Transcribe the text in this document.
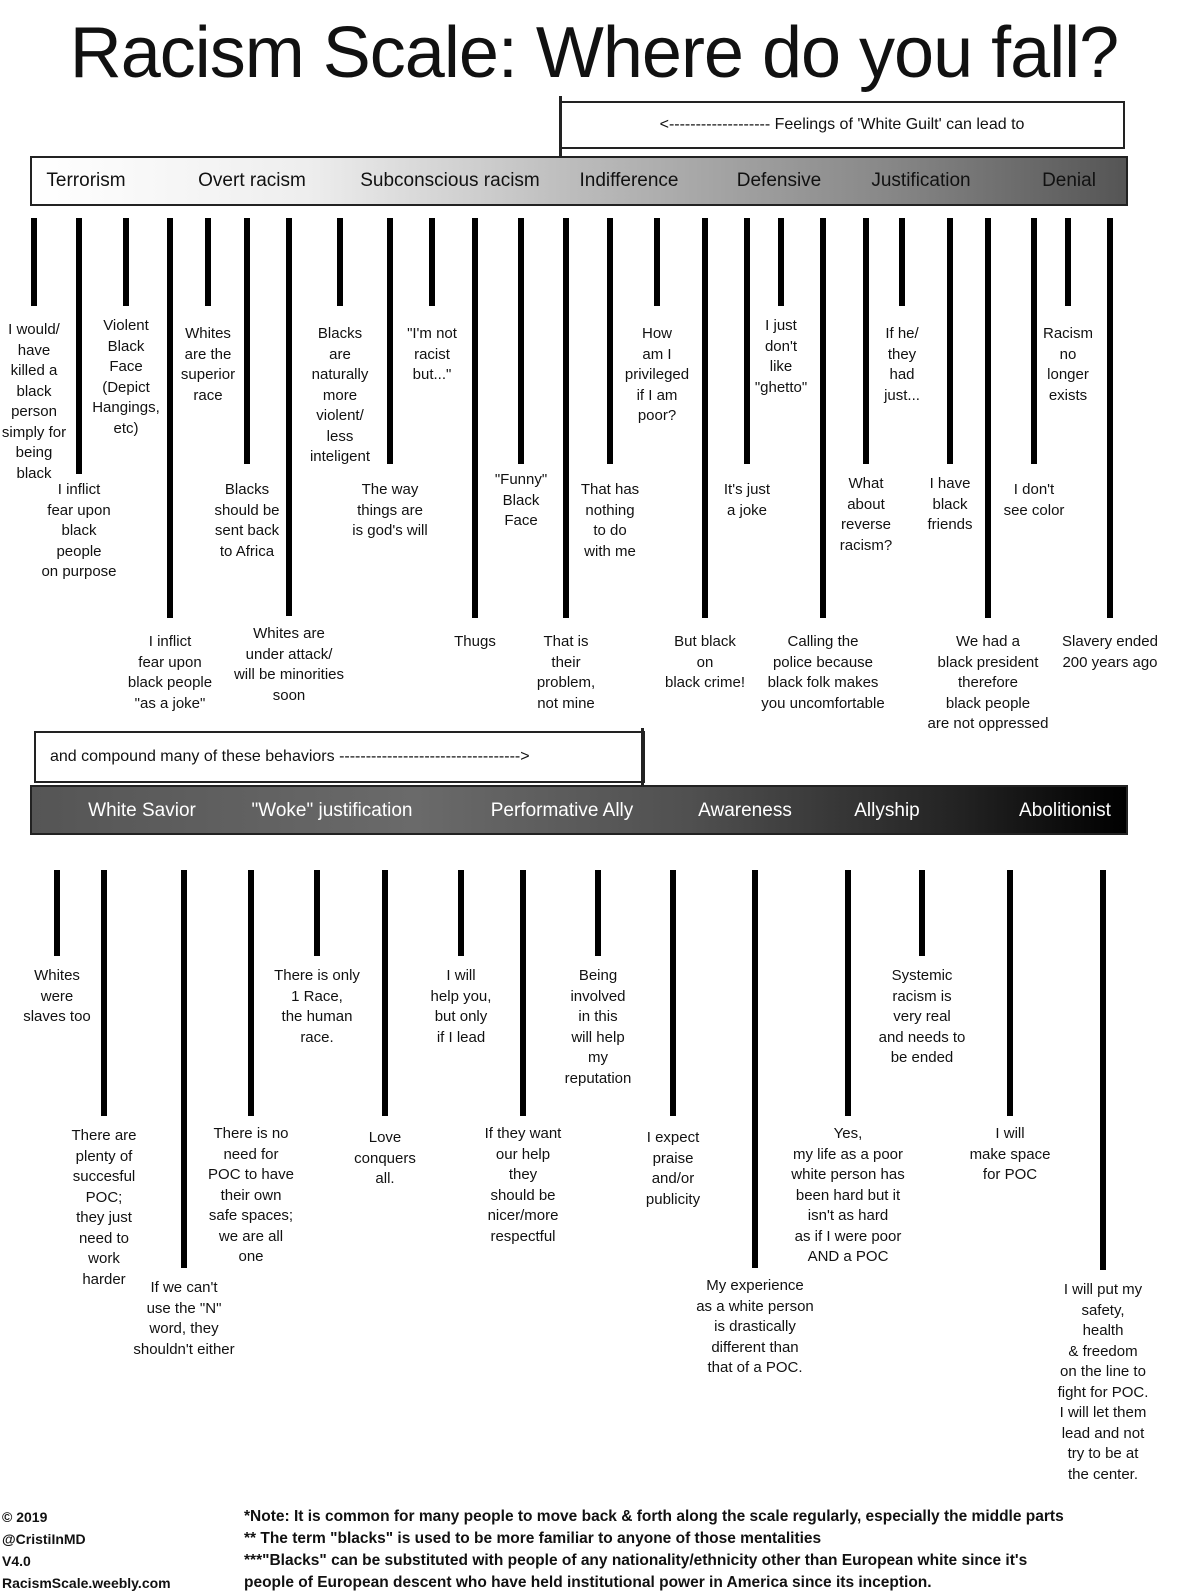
Racism Scale: Where do you fall?
<------------------- Feelings of 'White Guilt' can lead to
Terrorism	Overt racism	Subconscious racism Indifference	Defensive	Justification	Denial
I would/
have
killed a
black
person
simply for
being
black
I inflict
fear upon
black
people
on purpose
Violent
Black
Face
(Depict
Hangings,
etc)
I inflict
fear upon
black people
"as a joke"
Whites
are the
superior
race
Blacks
should be
sent back
to Africa
Whites are
under attack/
will be minorities
soon
Blacks
are
naturally
more
violent/
less
inteligent
The way
things are
is god's will
"I'm not
racist
but..."
Thugs
"Funny"
Black
Face
That is
their
problem,
not mine
That has
nothing
to do
with me
How
am I
privileged
if I am
poor?
But black
on
black crime!
It's just
a joke
I just
don't
like
"ghetto"
Calling the
police because
black folk makes
you uncomfortable
What
about
reverse
racism?
If he/
they
had
just...
I have
black
friends
We had a
black president
therefore
black people
are not oppressed
I don't
see color
Racism
no
longer
exists
Slavery ended
200 years ago
and compound many of these behaviors ---------------------------------->
White Savior	"Woke" justification	Performative Ally	Awareness	Allyship	Abolitionist
Whites
were
slaves too
There are
plenty of
succesful
POC;
they just
need to
work
harder	If we can't
use the "N"
word, they
shouldn't either
There is no
need for
POC to have
their own
safe spaces;
we are all
one
There is only
1 Race,
the human
race.
Love
conquers
all.
I will
help you,
but only
if I lead
If they want
our help
they
should be
nicer/more
respectful
Being
involved
in this
will help
my
reputation
I expect
praise
and/or
publicity
My experience
as a white person
is drastically
different than
that of a POC.
Yes,
my life as a poor
white person has
been hard but it
isn't as hard
as if I were poor
AND a POC
Systemic
racism is
very real
and needs to
be ended
I will
make space
for POC
I will put my
safety,
health
& freedom
on the line to
fight for POC.
I will let them
lead and not
try to be at
the center.
© 2019
@CristiInMD
V4.0
RacismScale.weebly.com
*Note: It is common for many people to move back & forth along the scale regularly, especially the middle parts
** The term "blacks" is used to be more familiar to anyone of those mentalities
***"Blacks" can be substituted with people of any nationality/ethnicity other than European white since it's
people of European descent who have held institutional power in America since its inception.
